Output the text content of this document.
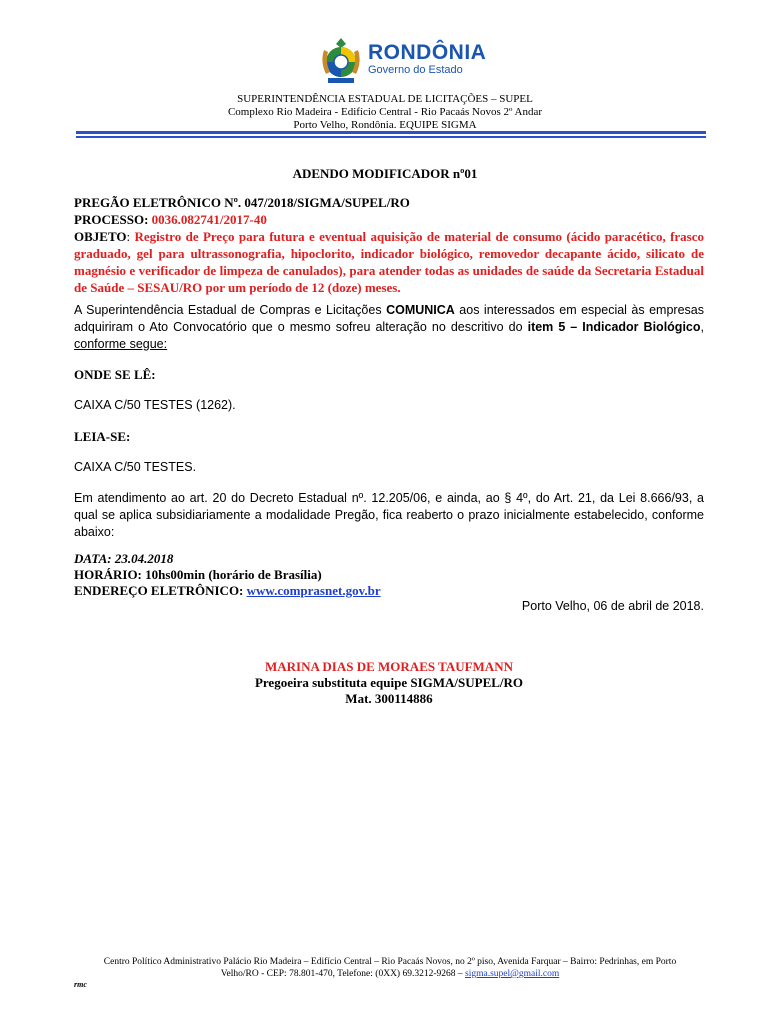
RONDÔNIA
Governo do Estado
SUPERINTENDÊNCIA ESTADUAL DE LICITAÇÕES – SUPEL
Complexo Rio Madeira - Edifício Central - Rio Pacaás Novos 2º Andar
Porto Velho, Rondônia. EQUIPE SIGMA
ADENDO MODIFICADOR nº01
PREGÃO ELETRÔNICO Nº. 047/2018/SIGMA/SUPEL/RO
PROCESSO: 0036.082741/2017-40
OBJETO: Registro de Preço para futura e eventual aquisição de material de consumo (ácido paracético, frasco graduado, gel para ultrassonografia, hipoclorito, indicador biológico, removedor decapante ácido, silicato de magnésio e verificador de limpeza de canulados), para atender todas as unidades de saúde da Secretaria Estadual de Saúde – SESAU/RO por um período de 12 (doze) meses.
A Superintendência Estadual de Compras e Licitações COMUNICA aos interessados em especial às empresas adquiriram o Ato Convocatório que o mesmo sofreu alteração no descritivo do item 5 – Indicador Biológico, conforme segue:
ONDE SE LÊ:
CAIXA C/50 TESTES (1262).
LEIA-SE:
CAIXA C/50 TESTES.
Em atendimento ao art. 20 do Decreto Estadual nº. 12.205/06, e ainda, ao § 4º, do Art. 21, da Lei 8.666/93, a qual se aplica subsidiariamente a modalidade Pregão, fica reaberto o prazo inicialmente estabelecido, conforme abaixo:
DATA: 23.04.2018
HORÁRIO: 10hs00min (horário de Brasília)
ENDEREÇO ELETRÔNICO: www.comprasnet.gov.br
Porto Velho, 06 de abril de 2018.
MARINA DIAS DE MORAES TAUFMANN
Pregoeira substituta equipe SIGMA/SUPEL/RO
Mat. 300114886
Centro Político Administrativo Palácio Rio Madeira – Edifício Central – Rio Pacaás Novos, no 2º piso, Avenida Farquar – Bairro: Pedrinhas, em Porto
Velho/RO - CEP: 78.801-470, Telefone: (0XX) 69.3212-9268 – sigma.supel@gmail.com
rmc
